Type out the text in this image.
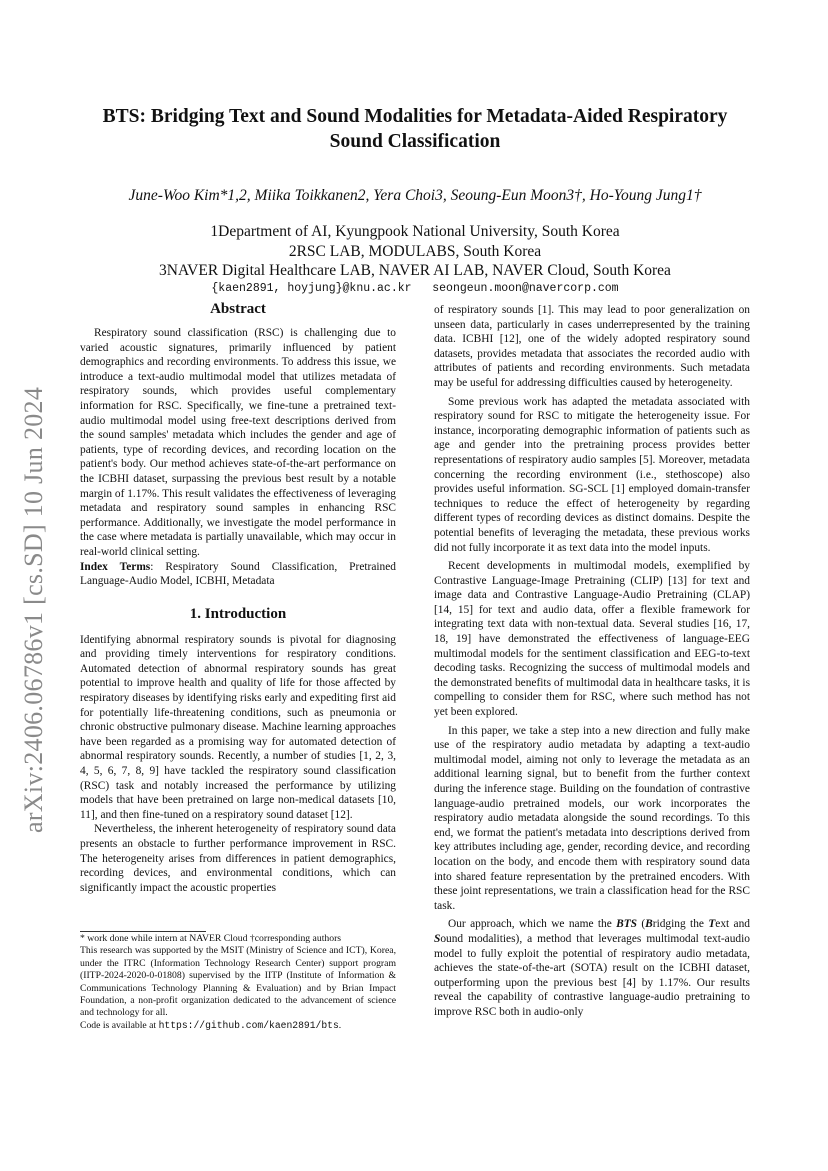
arXiv:2406.06786v1 [cs.SD] 10 Jun 2024
BTS: Bridging Text and Sound Modalities for Metadata-Aided Respiratory Sound Classification

June-Woo Kim*1,2, Miika Toikkanen2, Yera Choi3, Seoung-Eun Moon3†, Ho-Young Jung1†

1Department of AI, Kyungpook National University, South Korea
2RSC LAB, MODULABS, South Korea
3NAVER Digital Healthcare LAB, NAVER AI LAB, NAVER Cloud, South Korea
{kaen2891, hoyjung}@knu.ac.kr   seongeun.moon@navercorp.com
Abstract

Respiratory sound classification (RSC) is challenging due to varied acoustic signatures, primarily influenced by patient demographics and recording environments. To address this issue, we introduce a text-audio multimodal model that utilizes metadata of respiratory sounds, which provides useful complementary information for RSC. Specifically, we fine-tune a pretrained text-audio multimodal model using free-text descriptions derived from the sound samples' metadata which includes the gender and age of patients, type of recording devices, and recording location on the patient's body. Our method achieves state-of-the-art performance on the ICBHI dataset, surpassing the previous best result by a notable margin of 1.17%. This result validates the effectiveness of leveraging metadata and respiratory sound samples in enhancing RSC performance. Additionally, we investigate the model performance in the case where metadata is partially unavailable, which may occur in real-world clinical setting.

Index Terms: Respiratory Sound Classification, Pretrained Language-Audio Model, ICBHI, Metadata

1. Introduction

Identifying abnormal respiratory sounds is pivotal for diagnosing and providing timely interventions for respiratory conditions. Automated detection of abnormal respiratory sounds has great potential to improve health and quality of life for those affected by respiratory diseases by identifying risks early and expediting first aid for potentially life-threatening conditions, such as pneumonia or chronic obstructive pulmonary disease. Machine learning approaches have been regarded as a promising way for automated detection of abnormal respiratory sounds. Recently, a number of studies [1, 2, 3, 4, 5, 6, 7, 8, 9] have tackled the respiratory sound classification (RSC) task and notably increased the performance by utilizing models that have been pretrained on large non-medical datasets [10, 11], and then fine-tuned on a respiratory sound dataset [12].

Nevertheless, the inherent heterogeneity of respiratory sound data presents an obstacle to further performance improvement in RSC. The heterogeneity arises from differences in patient demographics, recording devices, and environmental conditions, which can significantly impact the acoustic properties

* work done while intern at NAVER Cloud †corresponding authors

This research was supported by the MSIT (Ministry of Science and ICT), Korea, under the ITRC (Information Technology Research Center) support program (IITP-2024-2020-0-01808) supervised by the IITP (Institute of Information & Communications Technology Planning & Evaluation) and by Brian Impact Foundation, a non-profit organization dedicated to the advancement of science and technology for all.

Code is available at https://github.com/kaen2891/bts.

of respiratory sounds [1]. This may lead to poor generalization on unseen data, particularly in cases underrepresented by the training data. ICBHI [12], one of the widely adopted respiratory sound datasets, provides metadata that associates the recorded audio with attributes of patients and recording environments. Such metadata may be useful for addressing difficulties caused by heterogeneity.

Some previous work has adapted the metadata associated with respiratory sound for RSC to mitigate the heterogeneity issue. For instance, incorporating demographic information of patients such as age and gender into the pretraining process provides better representations of respiratory audio samples [5]. Moreover, metadata concerning the recording environment (i.e., stethoscope) also provides useful information. SG-SCL [1] employed domain-transfer techniques to reduce the effect of heterogeneity by regarding different types of recording devices as distinct domains. Despite the potential benefits of leveraging the metadata, these previous works did not fully incorporate it as text data into the model inputs.

Recent developments in multimodal models, exemplified by Contrastive Language-Image Pretraining (CLIP) [13] for text and image data and Contrastive Language-Audio Pretraining (CLAP) [14, 15] for text and audio data, offer a flexible framework for integrating text data with non-textual data. Several studies [16, 17, 18, 19] have demonstrated the effectiveness of language-EEG multimodal models for the sentiment classification and EEG-to-text decoding tasks. Recognizing the success of multimodal models and the demonstrated benefits of multimodal data in healthcare tasks, it is compelling to consider them for RSC, where such method has not yet been explored.

In this paper, we take a step into a new direction and fully make use of the respiratory audio metadata by adapting a text-audio multimodal model, aiming not only to leverage the metadata as an additional learning signal, but to benefit from the further context during the inference stage. Building on the foundation of contrastive language-audio pretrained models, our work incorporates the respiratory audio metadata alongside the sound recordings. To this end, we format the patient's metadata into descriptions derived from key attributes including age, gender, recording device, and recording location on the body, and encode them with respiratory sound data into shared feature representation by the pretrained encoders. With these joint representations, we train a classification head for the RSC task.

Our approach, which we name the BTS (Bridging the Text and Sound modalities), a method that leverages multimodal text-audio model to fully exploit the potential of respiratory audio metadata, achieves the state-of-the-art (SOTA) result on the ICBHI dataset, outperforming upon the previous best [4] by 1.17%. Our results reveal the capability of contrastive language-audio pretraining to improve RSC both in audio-only
